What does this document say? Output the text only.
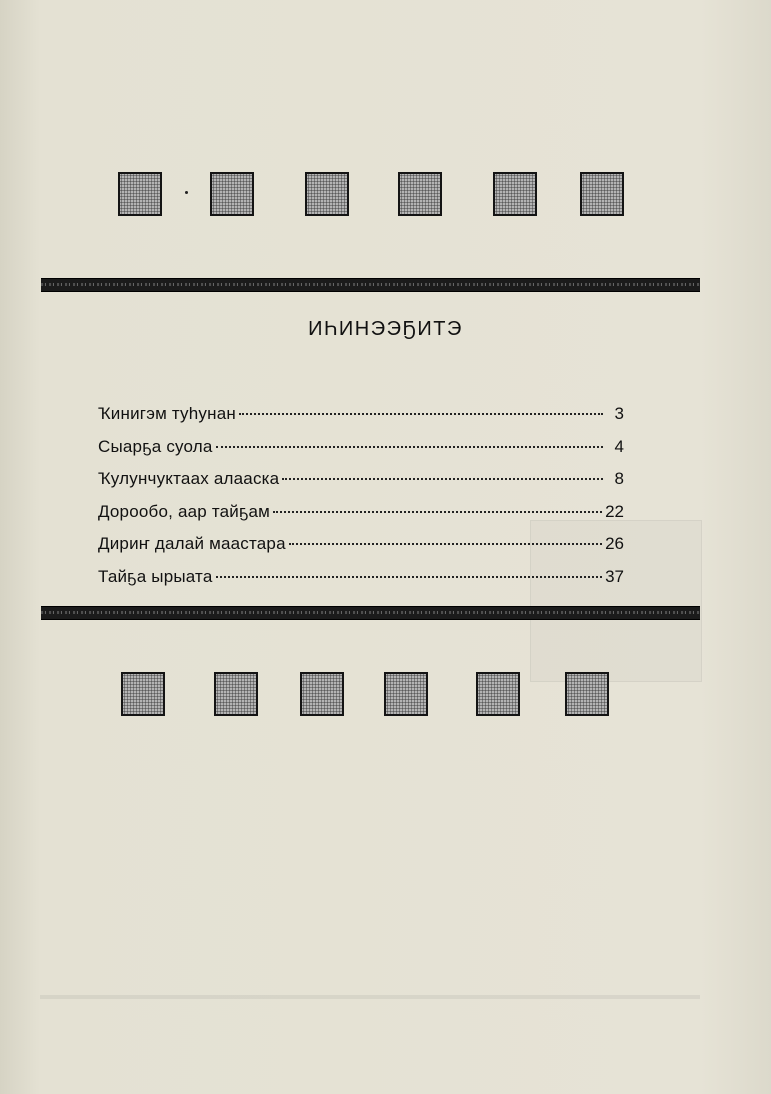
ИҺИНЭЭҔИТЭ
Ҡинигэм туһунан	3
Сыарҕа суола	4
Ҡулунчуктаах алааска	8
Дорообо, аар тайҕам	22
Дириҥ далай маастара	26
Тайҕа ырыата	37
